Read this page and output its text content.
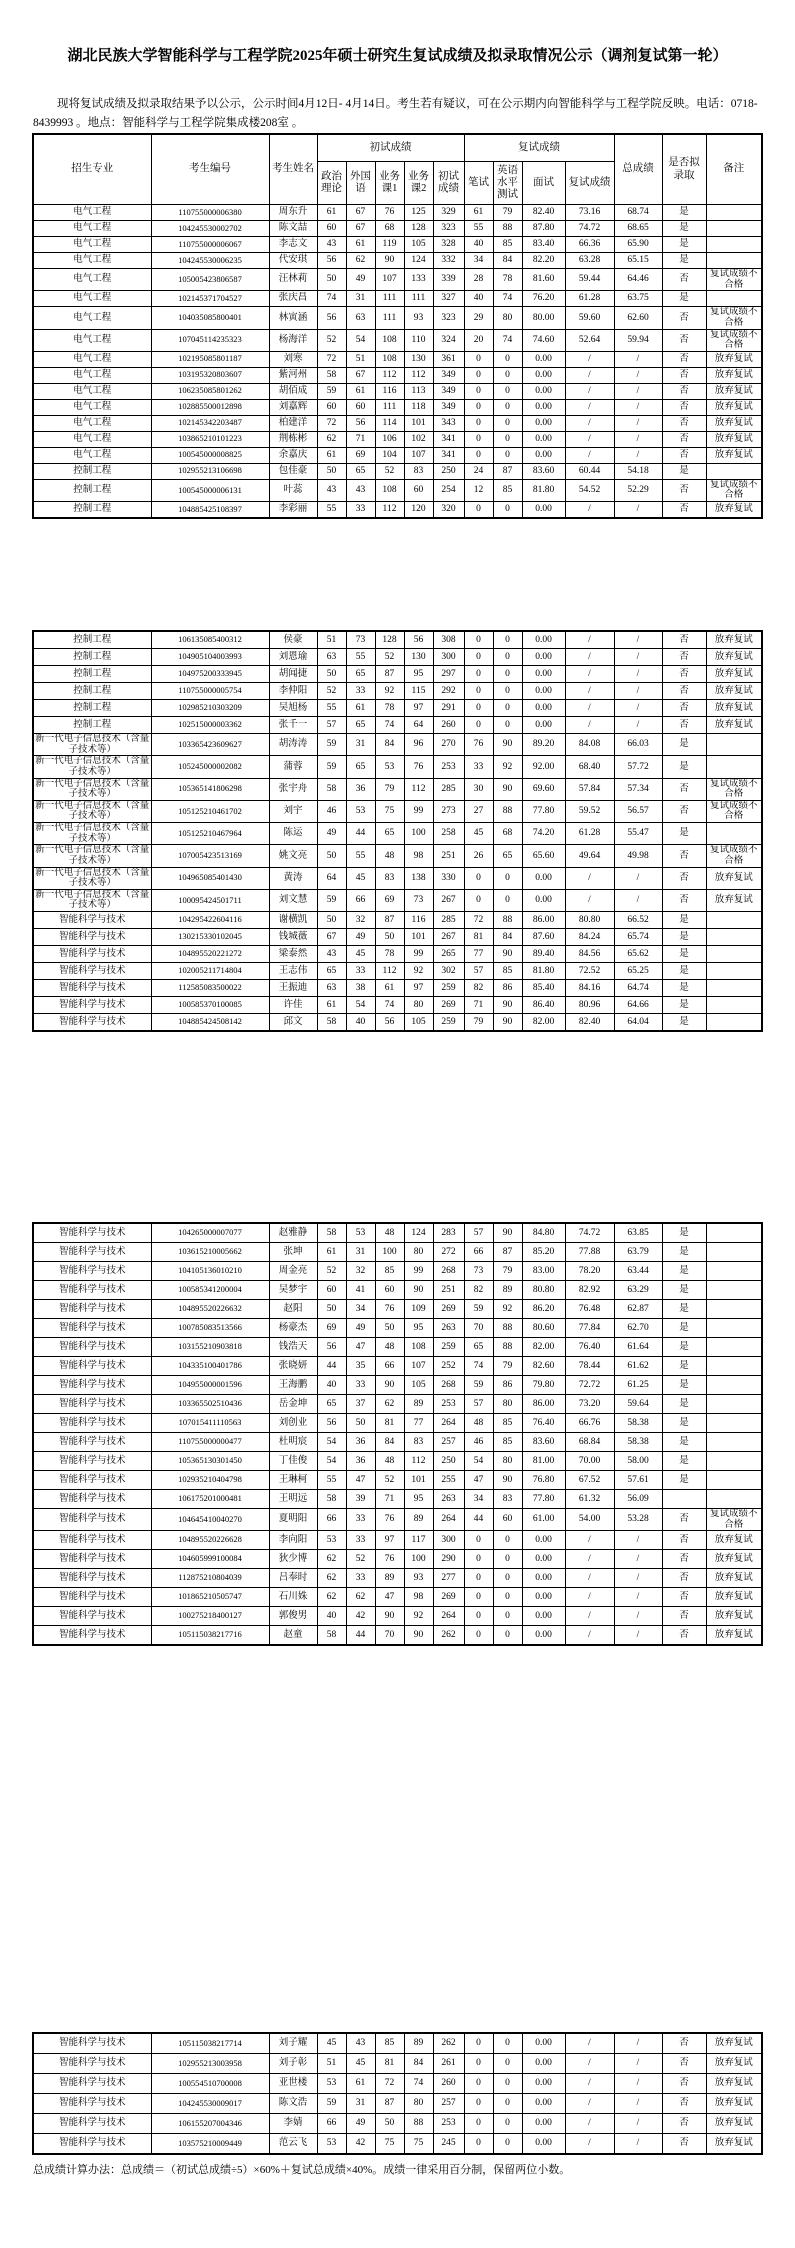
湖北民族大学智能科学与工程学院2025年硕士研究生复试成绩及拟录取情况公示（调剂复试第一轮）
现将复试成绩及拟录取结果予以公示，公示时间4月12日- 4月14日。考生若有疑议，可在公示期内向智能科学与工程学院反映。电话：0718-
8439993 。地点：智能科学与工程学院集成楼208室 。
招生专业	考生编号	考生姓名	初试成绩					复试成绩				总成绩	是否拟录取	备注
			政治理论	外国语	业务课1	业务课2	初试成绩	笔试	英语水平测试	面试	复试成绩			
电气工程	110755000006380	周东升	61	67	76	125	329	61	79	82.40	73.16	68.74	是	
电气工程	104245530002702	陈文喆	60	67	68	128	323	55	88	87.80	74.72	68.65	是	
电气工程	110755000006067	李志文	43	61	119	105	328	40	85	83.40	66.36	65.90	是	
电气工程	104245530006235	代安琪	56	62	90	124	332	34	84	82.20	63.28	65.15	是	
电气工程	105005423806587	汪林莉	50	49	107	133	339	28	78	81.60	59.44	64.46	否	复试成绩不合格
电气工程	102145371704527	张庆昌	74	31	111	111	327	40	74	76.20	61.28	63.75	是	
电气工程	104035085800401	林寅涵	56	63	111	93	323	29	80	80.00	59.60	62.60	否	复试成绩不合格
电气工程	107045114235323	杨海洋	52	54	108	110	324	20	74	74.60	52.64	59.94	否	复试成绩不合格
电气工程	102195085801187	刘寒	72	51	108	130	361	0	0	0.00	/	/	否	放弃复试
电气工程	103195320803607	紫河州	58	67	112	112	349	0	0	0.00	/	/	否	放弃复试
电气工程	106235085801262	胡佰成	59	61	116	113	349	0	0	0.00	/	/	否	放弃复试
电气工程	102885500012898	刘嘉辉	60	60	111	118	349	0	0	0.00	/	/	否	放弃复试
电气工程	102145342203487	柏建洋	72	56	114	101	343	0	0	0.00	/	/	否	放弃复试
电气工程	103865210101223	荆栋彬	62	71	106	102	341	0	0	0.00	/	/	否	放弃复试
电气工程	100545000008825	余嘉庆	61	69	104	107	341	0	0	0.00	/	/	否	放弃复试
控制工程	102955213106698	包佳豪	50	65	52	83	250	24	87	83.60	60.44	54.18	是	
控制工程	100545000006131	叶蕊	43	43	108	60	254	12	85	81.80	54.52	52.29	否	复试成绩不合格
控制工程	104885425108397	李彩丽	55	33	112	120	320	0	0	0.00	/	/	否	放弃复试
控制工程	106135085400312	侯豪	51	73	128	56	308	0	0	0.00	/	/	否	放弃复试
控制工程	104905104003993	刘恩瑜	63	55	52	130	300	0	0	0.00	/	/	否	放弃复试
控制工程	104975200333945	胡闻捷	50	65	87	95	297	0	0	0.00	/	/	否	放弃复试
控制工程	110755000005754	李仲阳	52	33	92	115	292	0	0	0.00	/	/	否	放弃复试
控制工程	102985210303209	吴旭杨	55	61	78	97	291	0	0	0.00	/	/	否	放弃复试
控制工程	102515000003362	张千一	57	65	74	64	260	0	0	0.00	/	/	否	放弃复试
新一代电子信息技术（含量子技术等）	103365423609627	胡涛涛	59	31	84	96	270	76	90	89.20	84.08	66.03	是	
新一代电子信息技术（含量子技术等）	105245000002082	蒲蓉	59	65	53	76	253	33	92	92.00	68.40	57.72	是	
新一代电子信息技术（含量子技术等）	105365141806298	张宇舟	58	36	79	112	285	30	90	69.60	57.84	57.34	否	复试成绩不合格
新一代电子信息技术（含量子技术等）	105125210461702	刘宇	46	53	75	99	273	27	88	77.80	59.52	56.57	否	复试成绩不合格
新一代电子信息技术（含量子技术等）	105125210467964	陈运	49	44	65	100	258	45	68	74.20	61.28	55.47	是	
新一代电子信息技术（含量子技术等）	107005423513169	姚文亮	50	55	48	98	251	26	65	65.60	49.64	49.98	否	复试成绩不合格
新一代电子信息技术（含量子技术等）	104965085401430	黄涛	64	45	83	138	330	0	0	0.00	/	/	否	放弃复试
新一代电子信息技术（含量子技术等）	100095424501711	刘文慧	59	66	69	73	267	0	0	0.00	/	/	否	放弃复试
智能科学与技术	104295422604116	谢横凯	50	32	87	116	285	72	88	86.00	80.80	66.52	是	
智能科学与技术	130215330102045	钱城薇	67	49	50	101	267	81	84	87.60	84.24	65.74	是	
智能科学与技术	104895520221272	梁泰然	43	45	78	99	265	77	90	89.40	84.56	65.62	是	
智能科学与技术	102005211714804	王志伟	65	33	112	92	302	57	85	81.80	72.52	65.25	是	
智能科学与技术	112585083500022	王振迪	63	38	61	97	259	82	86	85.40	84.16	64.74	是	
智能科学与技术	100585370100085	许佳	61	54	74	80	269	71	90	86.40	80.96	64.66	是	
智能科学与技术	104885424508142	邱文	58	40	56	105	259	79	90	82.00	82.40	64.04	是	
智能科学与技术	104265000007077	赵雅静	58	53	48	124	283	57	90	84.80	74.72	63.85	是	
智能科学与技术	103615210005662	张坤	61	31	100	80	272	66	87	85.20	77.88	63.79	是	
智能科学与技术	104105136010210	周金亮	52	32	85	99	268	73	79	83.00	78.20	63.44	是	
智能科学与技术	100585341200004	吴梦宇	60	41	60	90	251	82	89	80.80	82.92	63.29	是	
智能科学与技术	104895520226632	赵阳	50	34	76	109	269	59	92	86.20	76.48	62.87	是	
智能科学与技术	100785083513566	杨豪杰	69	49	50	95	263	70	88	80.60	77.84	62.70	是	
智能科学与技术	103155210903818	钱浩天	56	47	48	108	259	65	88	82.00	76.40	61.64	是	
智能科学与技术	104335100401786	张晓妍	44	35	66	107	252	74	79	82.60	78.44	61.62	是	
智能科学与技术	104955000001596	王海鹏	40	33	90	105	268	59	86	79.80	72.72	61.25	是	
智能科学与技术	103365502510436	岳金坤	65	37	62	89	253	57	80	86.00	73.20	59.64	是	
智能科学与技术	107015411110563	刘创业	56	50	81	77	264	48	85	76.40	66.76	58.38	是	
智能科学与技术	110755000000477	杜明宸	54	36	84	83	257	46	85	83.60	68.84	58.38	是	
智能科学与技术	105365130301450	丁佳俊	54	36	48	112	250	54	80	81.00	70.00	58.00	是	
智能科学与技术	102935210404798	王琳柯	55	47	52	101	255	47	90	76.80	67.52	57.61	是	
智能科学与技术	106175201000481	王明远	58	39	71	95	263	34	83	77.80	61.32	56.09		
智能科学与技术	104645410040270	夏明阳	66	33	76	89	264	44	60	61.00	54.00	53.28	否	复试成绩不合格
智能科学与技术	104895520226628	李向阳	53	33	97	117	300	0	0	0.00	/	/	否	放弃复试
智能科学与技术	104605999100084	狄少博	62	52	76	100	290	0	0	0.00	/	/	否	放弃复试
智能科学与技术	112875210804039	吕奉时	62	33	89	93	277	0	0	0.00	/	/	否	放弃复试
智能科学与技术	101865210505747	石川姝	62	62	47	98	269	0	0	0.00	/	/	否	放弃复试
智能科学与技术	100275218400127	郭俊男	40	42	90	92	264	0	0	0.00	/	/	否	放弃复试
智能科学与技术	105115038217716	赵童	58	44	70	90	262	0	0	0.00	/	/	否	放弃复试
智能科学与技术	105115038217714	刘子耀	45	43	85	89	262	0	0	0.00	/	/	否	放弃复试
智能科学与技术	102955213003958	刘子彰	51	45	81	84	261	0	0	0.00	/	/	否	放弃复试
智能科学与技术	100554510700008	亚世楼	53	61	72	74	260	0	0	0.00	/	/	否	放弃复试
智能科学与技术	104245530009017	陈文浩	59	31	87	80	257	0	0	0.00	/	/	否	放弃复试
智能科学与技术	106155207004346	李婧	66	49	50	88	253	0	0	0.00	/	/	否	放弃复试
智能科学与技术	103575210009449	范云飞	53	42	75	75	245	0	0	0.00	/	/	否	放弃复试
总成绩计算办法：总成绩＝（初试总成绩÷5）×60%＋复试总成绩×40%。成绩一律采用百分制，保留两位小数。
